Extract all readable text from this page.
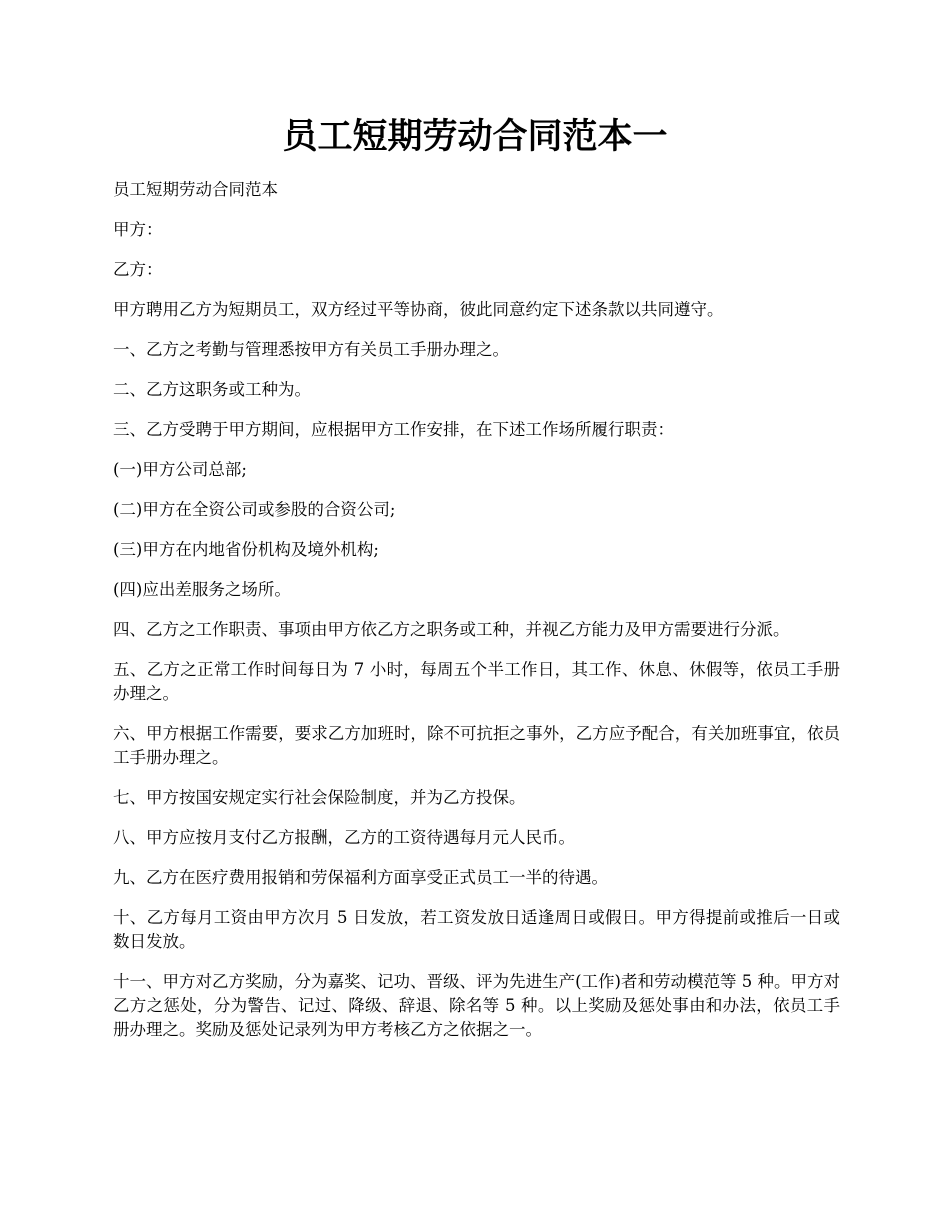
员工短期劳动合同范本一

员工短期劳动合同范本

甲方：

乙方：

甲方聘用乙方为短期员工，双方经过平等协商，彼此同意约定下述条款以共同遵守。

一、乙方之考勤与管理悉按甲方有关员工手册办理之。

二、乙方这职务或工种为。

三、乙方受聘于甲方期间，应根据甲方工作安排，在下述工作场所履行职责：

(一)甲方公司总部;

(二)甲方在全资公司或参股的合资公司;

(三)甲方在内地省份机构及境外机构;

(四)应出差服务之场所。

四、乙方之工作职责、事项由甲方依乙方之职务或工种，并视乙方能力及甲方需要进行分派。

五、乙方之正常工作时间每日为 7 小时，每周五个半工作日，其工作、休息、休假等，依员工手册办理之。

六、甲方根据工作需要，要求乙方加班时，除不可抗拒之事外，乙方应予配合，有关加班事宜，依员工手册办理之。

七、甲方按国安规定实行社会保险制度，并为乙方投保。

八、甲方应按月支付乙方报酬，乙方的工资待遇每月元人民币。

九、乙方在医疗费用报销和劳保福利方面享受正式员工一半的待遇。

十、乙方每月工资由甲方次月 5 日发放，若工资发放日适逢周日或假日。甲方得提前或推后一日或数日发放。

十一、甲方对乙方奖励，分为嘉奖、记功、晋级、评为先进生产(工作)者和劳动模范等 5 种。甲方对乙方之惩处，分为警告、记过、降级、辞退、除名等 5 种。以上奖励及惩处事由和办法，依员工手册办理之。奖励及惩处记录列为甲方考核乙方之依据之一。
